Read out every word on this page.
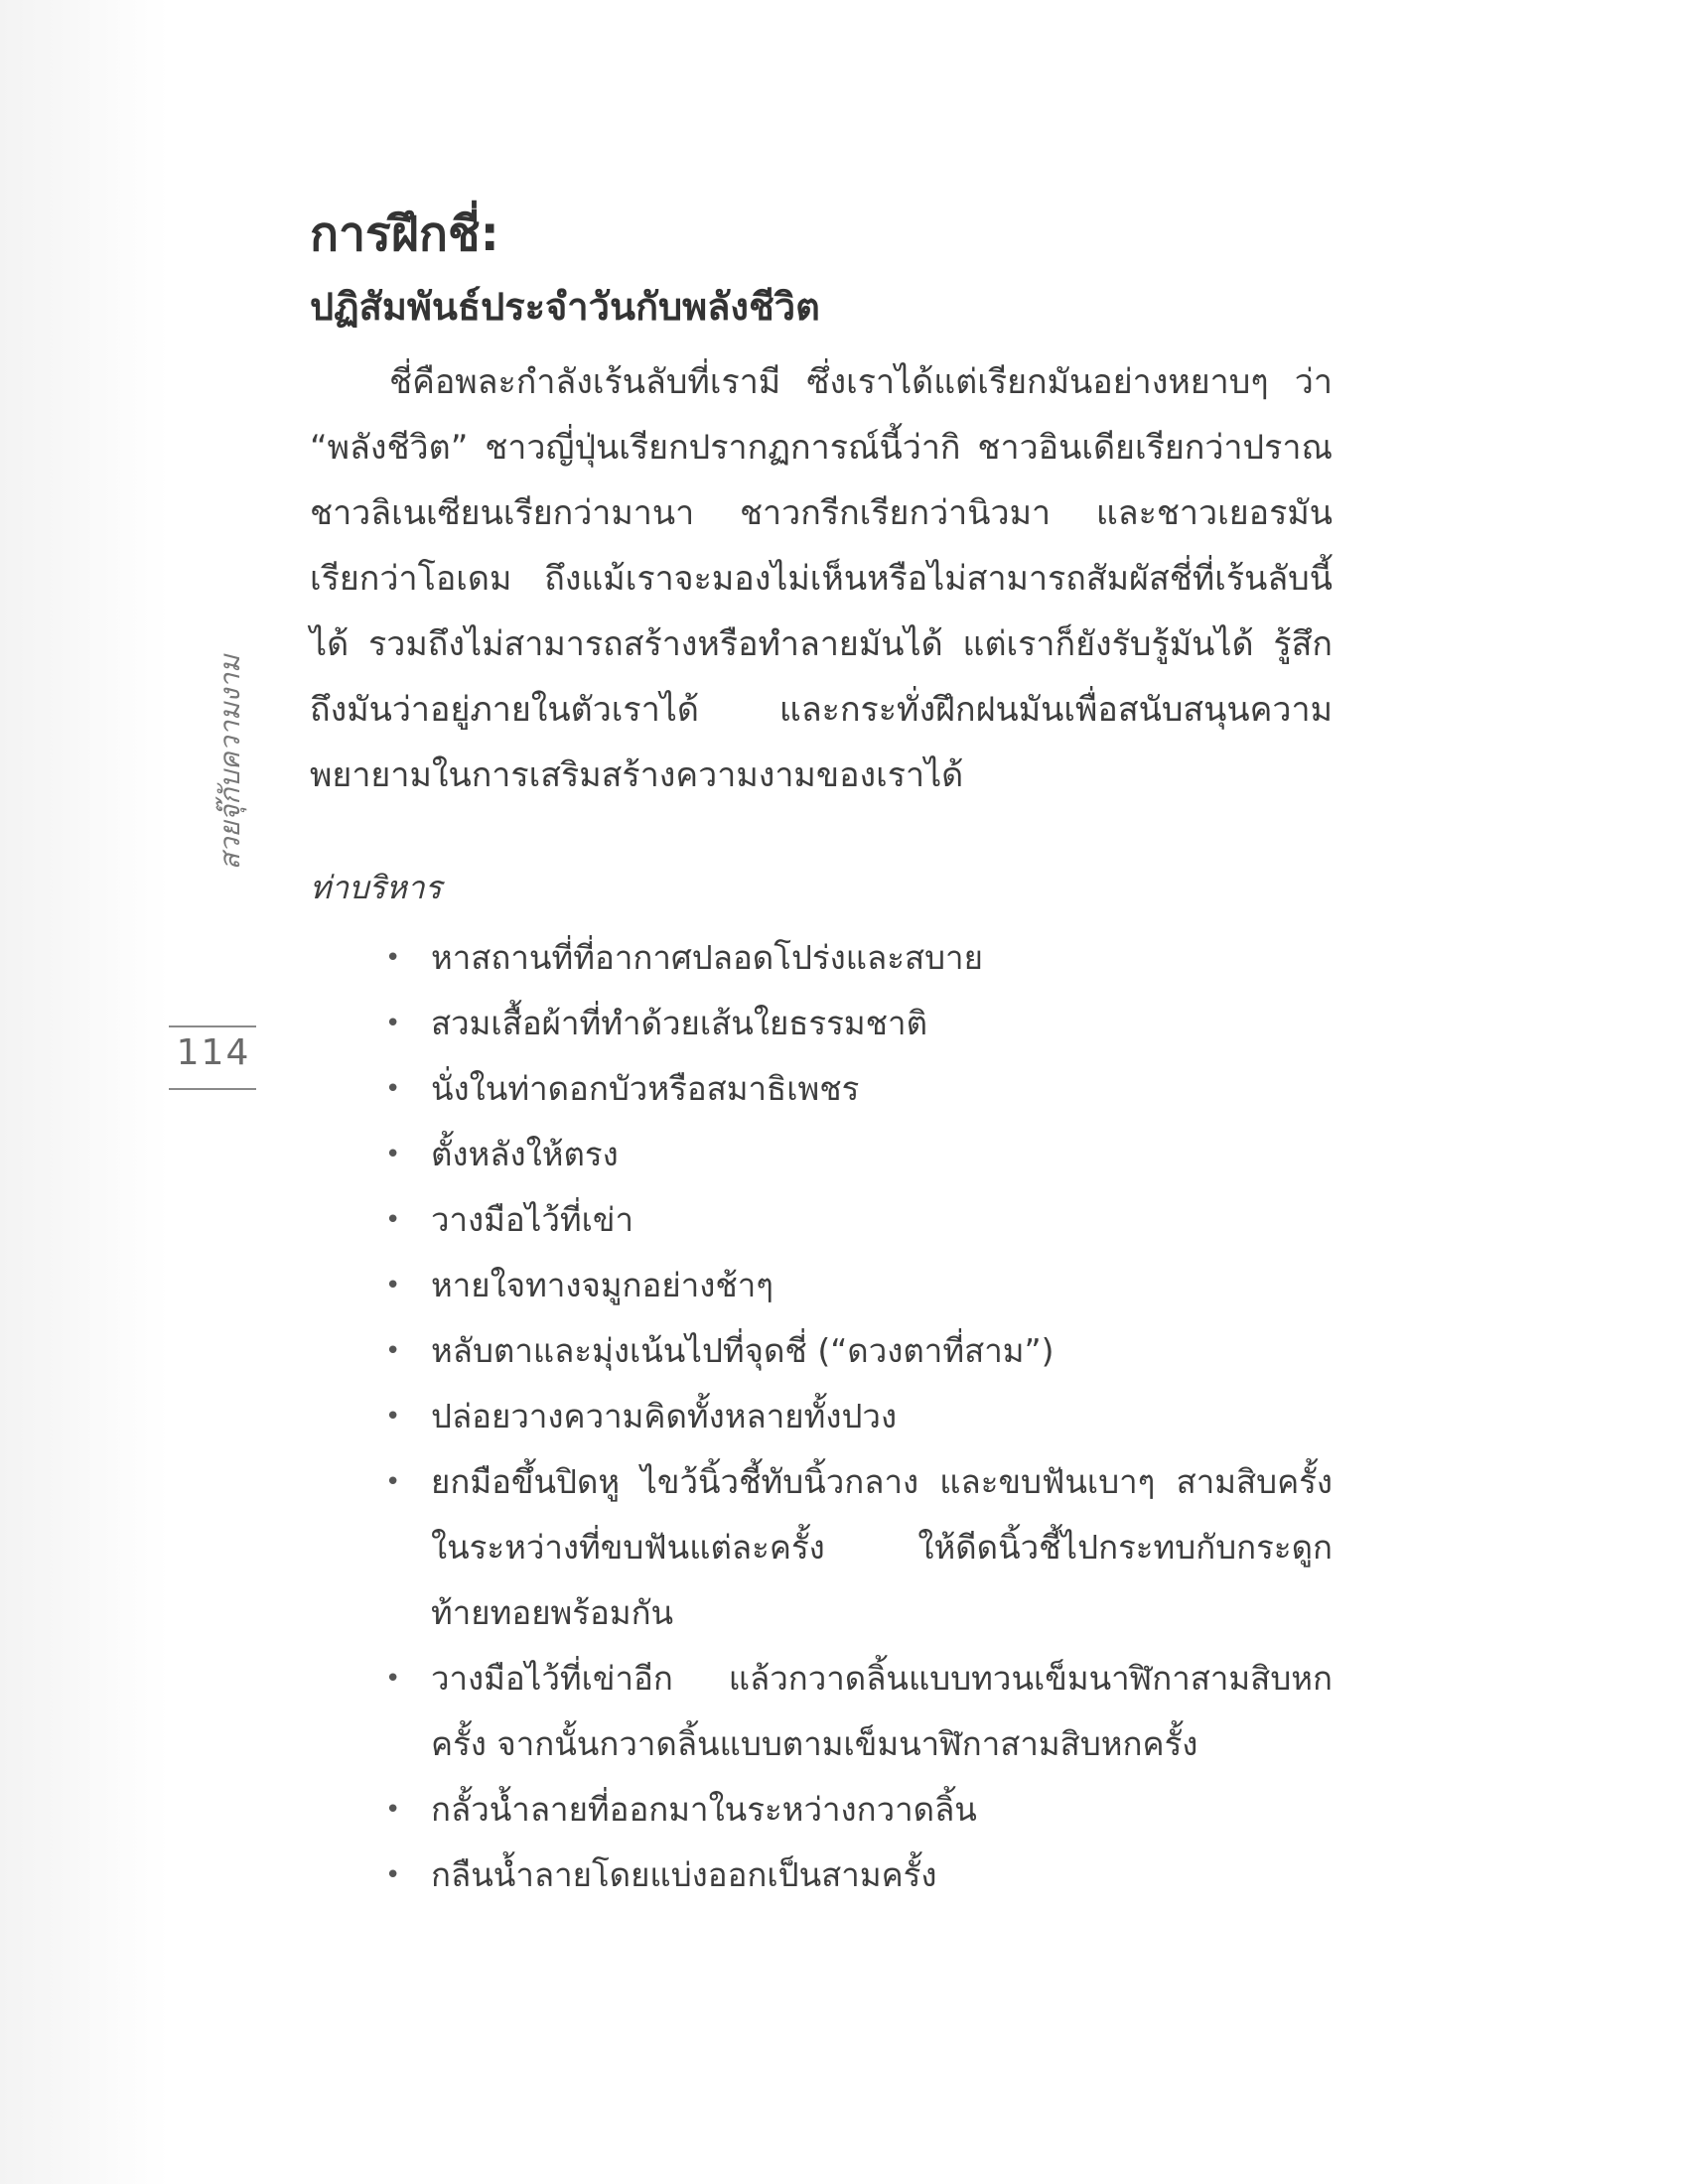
สวยจุ๊กับความงาม
114
การฝึกชี่:
ปฏิสัมพันธ์ประจำวันกับพลังชีวิต

ชี่คือพละกำลังเร้นลับที่เรามี ซึ่งเราได้แต่เรียกมันอย่างหยาบๆ ว่า “พลังชีวิต” ชาวญี่ปุ่นเรียกปรากฏการณ์นี้ว่ากิ ชาวอินเดียเรียกว่าปราณ ชาวลิเนเซียนเรียกว่ามานา ชาวกรีกเรียกว่านิวมา และชาวเยอรมันเรียกว่าโอเดม ถึงแม้เราจะมองไม่เห็นหรือไม่สามารถสัมผัสชี่ที่เร้นลับนี้ได้ รวมถึงไม่สามารถสร้างหรือทำลายมันได้ แต่เราก็ยังรับรู้มันได้ รู้สึกถึงมันว่าอยู่ภายในตัวเราได้ และกระทั่งฝึกฝนมันเพื่อสนับสนุนความพยายามในการเสริมสร้างความงามของเราได้

ท่าบริหาร
• หาสถานที่ที่อากาศปลอดโปร่งและสบาย
• สวมเสื้อผ้าที่ทำด้วยเส้นใยธรรมชาติ
• นั่งในท่าดอกบัวหรือสมาธิเพชร
• ตั้งหลังให้ตรง
• วางมือไว้ที่เข่า
• หายใจทางจมูกอย่างช้าๆ
• หลับตาและมุ่งเน้นไปที่จุดชี่ (“ดวงตาที่สาม”)
• ปล่อยวางความคิดทั้งหลายทั้งปวง
• ยกมือขึ้นปิดหู ไขว้นิ้วชี้ทับนิ้วกลาง และขบฟันเบาๆ สามสิบครั้ง ในระหว่างที่ขบฟันแต่ละครั้ง ให้ดีดนิ้วชี้ไปกระทบกับกระดูกท้ายทอยพร้อมกัน
• วางมือไว้ที่เข่าอีก แล้วกวาดลิ้นแบบทวนเข็มนาฬิกาสามสิบหกครั้ง จากนั้นกวาดลิ้นแบบตามเข็มนาฬิกาสามสิบหกครั้ง
• กลั้วน้ำลายที่ออกมาในระหว่างกวาดลิ้น
• กลืนน้ำลายโดยแบ่งออกเป็นสามครั้ง
